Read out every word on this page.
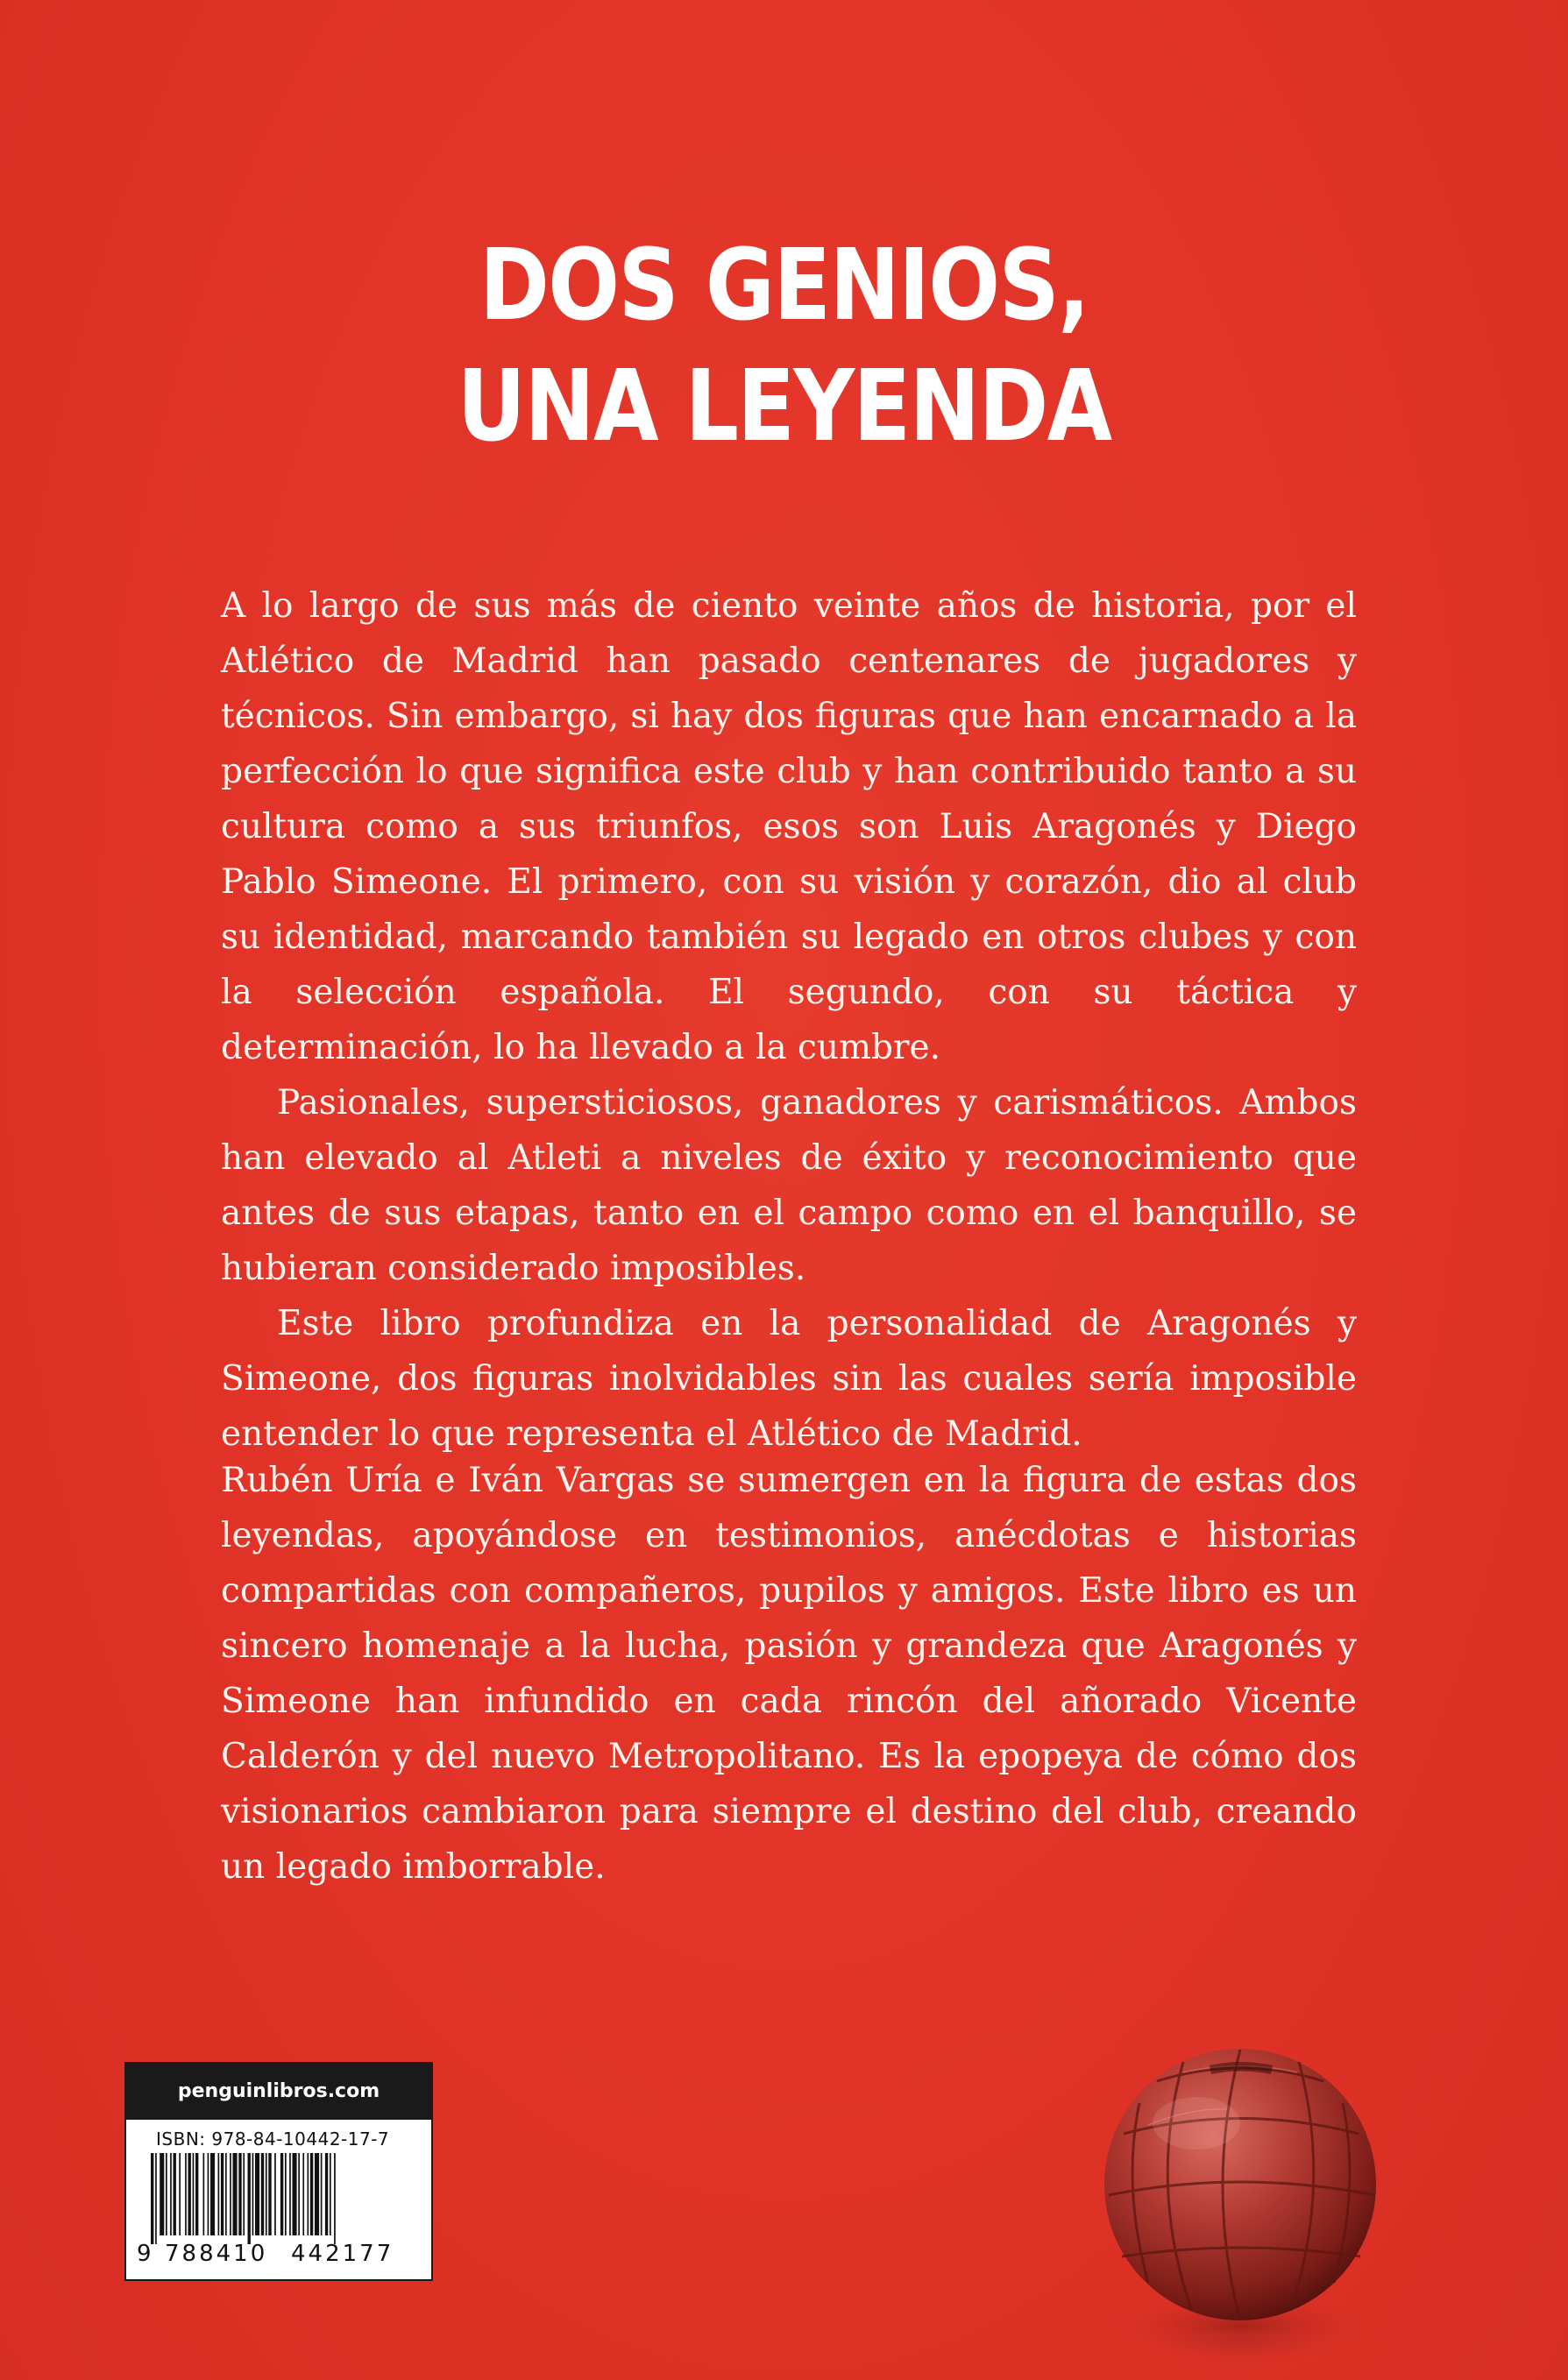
DOS GENIOS,
UNA LEYENDA

A lo largo de sus más de ciento veinte años de historia, por el Atlético de Madrid han pasado centenares de jugadores y técnicos. Sin embargo, si hay dos figuras que han encarnado a la perfección lo que significa este club y han contribuido tanto a su cultura como a sus triunfos, esos son Luis Aragonés y Diego Pablo Simeone. El primero, con su visión y corazón, dio al club su identidad, marcando también su legado en otros clubes y con la selección española. El segundo, con su táctica y determinación, lo ha llevado a la cumbre.

Pasionales, supersticiosos, ganadores y carismáticos. Ambos han elevado al Atleti a niveles de éxito y reconocimiento que antes de sus etapas, tanto en el campo como en el banquillo, se hubieran considerado imposibles.

Este libro profundiza en la personalidad de Aragonés y Simeone, dos figuras inolvidables sin las cuales sería imposible entender lo que representa el Atlético de Madrid.

Rubén Uría e Iván Vargas se sumergen en la figura de estas dos leyendas, apoyándose en testimonios, anécdotas e historias compartidas con compañeros, pupilos y amigos. Este libro es un sincero homenaje a la lucha, pasión y grandeza que Aragonés y Simeone han infundido en cada rincón del añorado Vicente Calderón y del nuevo Metropolitano. Es la epopeya de cómo dos visionarios cambiaron para siempre el destino del club, creando un legado imborrable.

penguinlibros.com
ISBN: 978-84-10442-17-7
9 788410 442177
